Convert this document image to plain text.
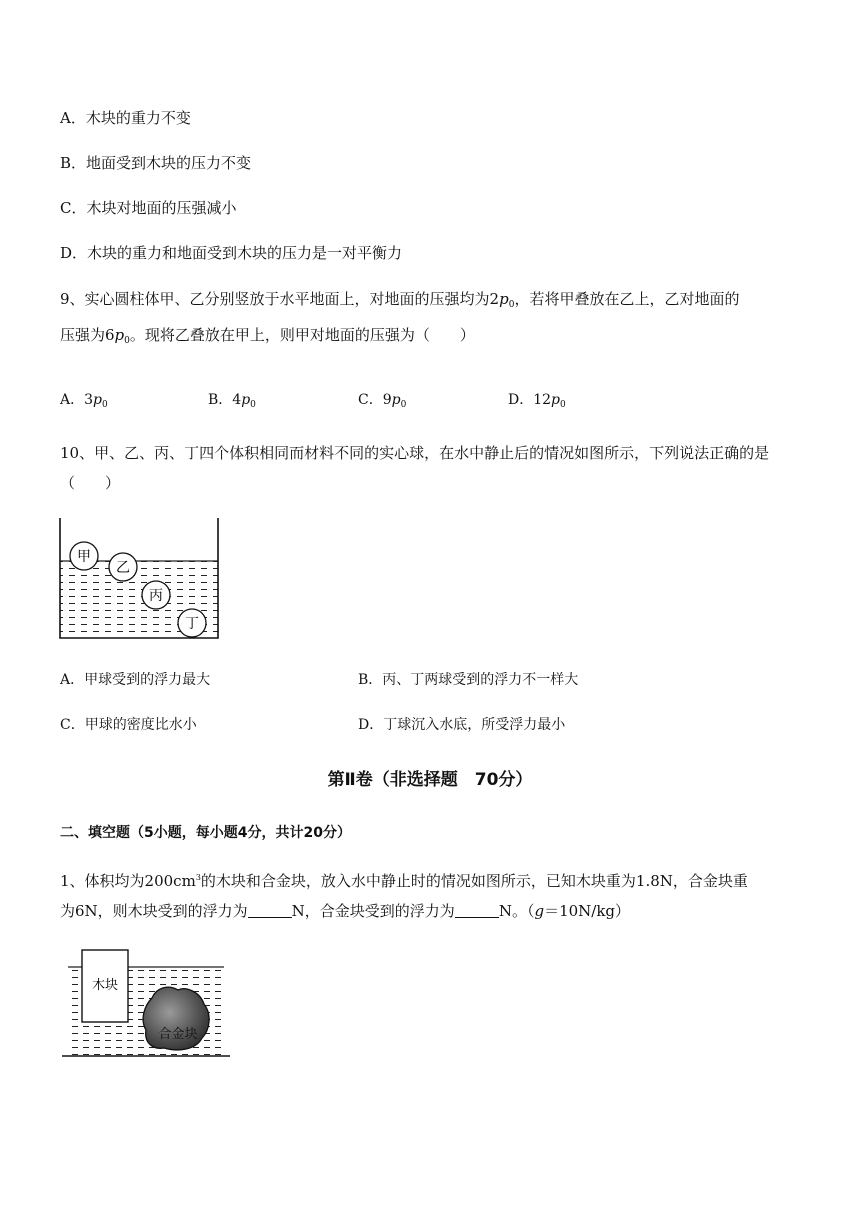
A．木块的重力不变
B．地面受到木块的压力不变
C．木块对地面的压强减小
D．木块的重力和地面受到木块的压力是一对平衡力
9、实心圆柱体甲、乙分别竖放于水平地面上，对地面的压强均为$2p_0$，若将甲叠放在乙上，乙对地面的
压强为$6p_0$。现将乙叠放在甲上，则甲对地面的压强为（　　）
A．$3p_0$	B．$4p_0$	C．$9p_0$	D．$12p_0$
10、甲、乙、丙、丁四个体积相同而材料不同的实心球，在水中静止后的情况如图所示，下列说法正确的是（　　）
甲
乙
丙
丁
A．甲球受到的浮力最大	B．丙、丁两球受到的浮力不一样大
C．甲球的密度比水小	D．丁球沉入水底，所受浮力最小
第Ⅱ卷（非选择题　70分）
二、填空题（5小题，每小题4分，共计20分）
1、体积均为$200cm^3$的木块和合金块，放入水中静止时的情况如图所示，已知木块重为1.8N，合金块重
为6N，则木块受到的浮力为	N，合金块受到的浮力为	N。（g＝10N/kg）
木块
合金块
